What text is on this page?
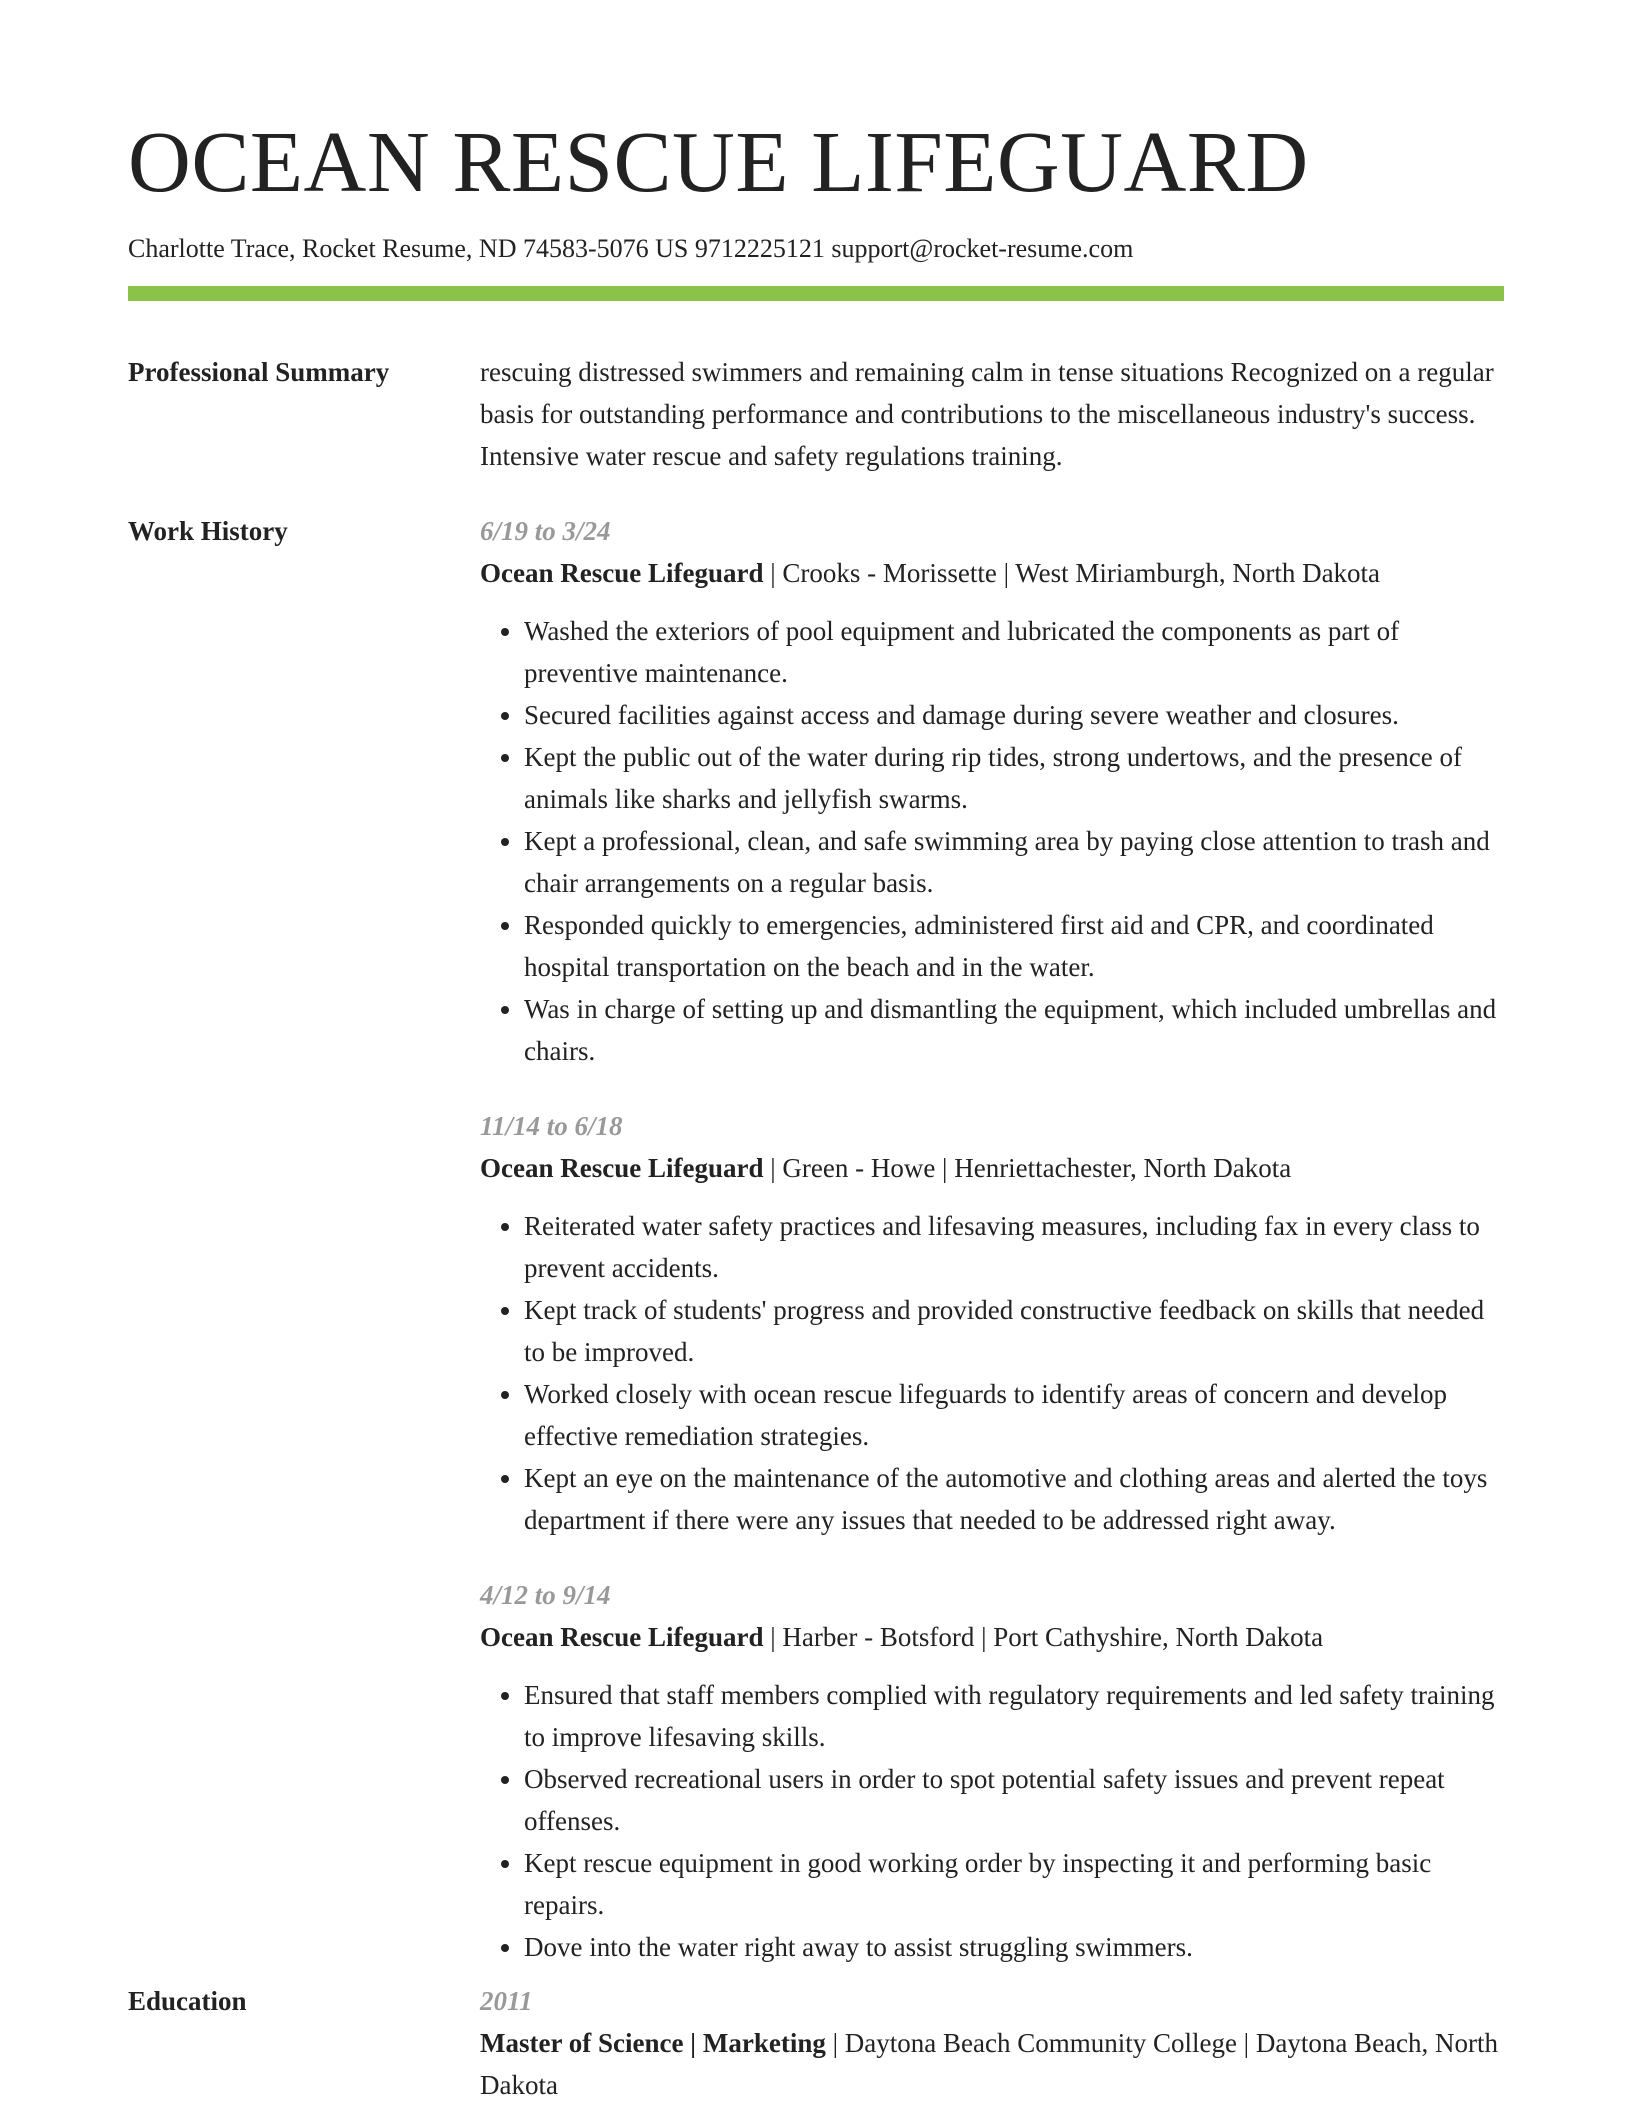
OCEAN RESCUE LIFEGUARD
Charlotte Trace, Rocket Resume, ND 74583-5076 US 9712225121 support@rocket-resume.com
Professional Summary	rescuing distressed swimmers and remaining calm in tense situations Recognized on a regular basis for outstanding performance and contributions to the miscellaneous industry's success. Intensive water rescue and safety regulations training.
Work History	6/19 to 3/24
Ocean Rescue Lifeguard | Crooks - Morissette | West Miriamburgh, North Dakota
• Washed the exteriors of pool equipment and lubricated the components as part of preventive maintenance.
• Secured facilities against access and damage during severe weather and closures.
• Kept the public out of the water during rip tides, strong undertows, and the presence of animals like sharks and jellyfish swarms.
• Kept a professional, clean, and safe swimming area by paying close attention to trash and chair arrangements on a regular basis.
• Responded quickly to emergencies, administered first aid and CPR, and coordinated hospital transportation on the beach and in the water.
• Was in charge of setting up and dismantling the equipment, which included umbrellas and chairs.
11/14 to 6/18
Ocean Rescue Lifeguard | Green - Howe | Henriettachester, North Dakota
• Reiterated water safety practices and lifesaving measures, including fax in every class to prevent accidents.
• Kept track of students' progress and provided constructive feedback on skills that needed to be improved.
• Worked closely with ocean rescue lifeguards to identify areas of concern and develop effective remediation strategies.
• Kept an eye on the maintenance of the automotive and clothing areas and alerted the toys department if there were any issues that needed to be addressed right away.
4/12 to 9/14
Ocean Rescue Lifeguard | Harber - Botsford | Port Cathyshire, North Dakota
• Ensured that staff members complied with regulatory requirements and led safety training to improve lifesaving skills.
• Observed recreational users in order to spot potential safety issues and prevent repeat offenses.
• Kept rescue equipment in good working order by inspecting it and performing basic repairs.
• Dove into the water right away to assist struggling swimmers.
Education	2011
Master of Science | Marketing | Daytona Beach Community College | Daytona Beach, North Dakota
